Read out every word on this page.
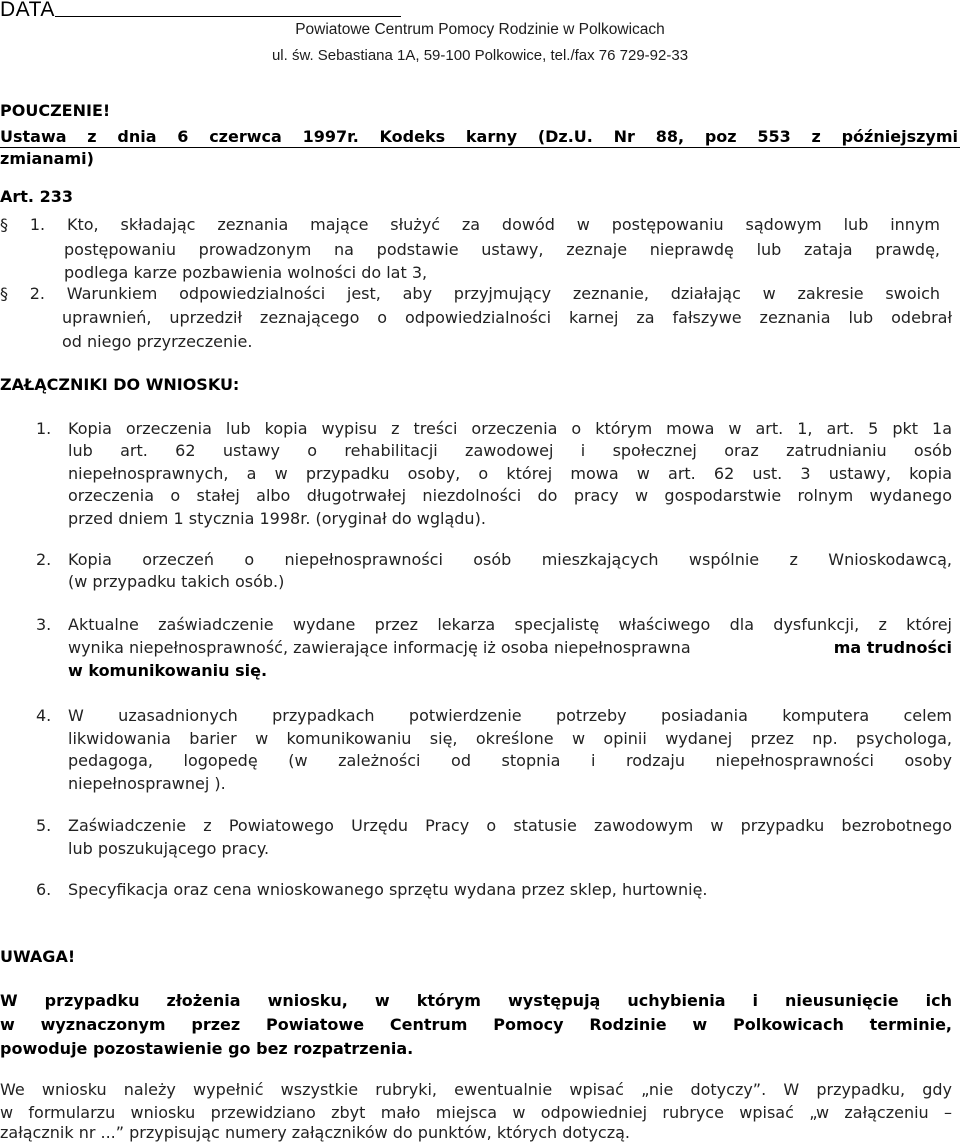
DATA
Powiatowe Centrum Pomocy Rodzinie w Polkowicach
ul. św. Sebastiana 1A, 59-100 Polkowice, tel./fax 76 729-92-33
POUCZENIE!
Ustawa z dnia 6 czerwca 1997r. Kodeks karny (Dz.U. Nr 88, poz 553 z późniejszymi
zmianami)
Art. 233
§ 1. Kto, składając zeznania mające służyć za dowód w postępowaniu sądowym lub innym
postępowaniu prowadzonym na podstawie ustawy, zeznaje nieprawdę lub zataja prawdę,
podlega karze pozbawienia wolności do lat 3,
§ 2. Warunkiem odpowiedzialności jest, aby przyjmujący zeznanie, działając w zakresie swoich
uprawnień, uprzedził zeznającego o odpowiedzialności karnej za fałszywe zeznania lub odebrał
od niego przyrzeczenie.
ZAŁĄCZNIKI DO WNIOSKU:
1. Kopia orzeczenia lub kopia wypisu z treści orzeczenia o którym mowa w art. 1, art. 5 pkt 1a
lub art. 62 ustawy o rehabilitacji zawodowej i społecznej oraz zatrudnianiu osób
niepełnosprawnych, a w przypadku osoby, o której mowa w art. 62 ust. 3 ustawy, kopia
orzeczenia o stałej albo długotrwałej niezdolności do pracy w gospodarstwie rolnym wydanego
przed dniem 1 stycznia 1998r. (oryginał do wglądu).
2. Kopia orzeczeń o niepełnosprawności osób mieszkających wspólnie z Wnioskodawcą,
(w przypadku takich osób.)
3. Aktualne zaświadczenie wydane przez lekarza specjalistę właściwego dla dysfunkcji, z której
wynika niepełnosprawność, zawierające informację iż osoba niepełnosprawna	ma trudności
w komunikowaniu się.
4. W uzasadnionych przypadkach potwierdzenie potrzeby posiadania komputera celem
likwidowania barier w komunikowaniu się, określone w opinii wydanej przez np. psychologa,
pedagoga, logopedę (w zależności od stopnia i rodzaju niepełnosprawności osoby
niepełnosprawnej ).
5. Zaświadczenie z Powiatowego Urzędu Pracy o statusie zawodowym w przypadku bezrobotnego
lub poszukującego pracy.
6. Specyfikacja oraz cena wnioskowanego sprzętu wydana przez sklep, hurtownię.
UWAGA!
W przypadku złożenia wniosku, w którym występują uchybienia i nieusunięcie ich
w wyznaczonym przez Powiatowe Centrum Pomocy Rodzinie w Polkowicach terminie,
powoduje pozostawienie go bez rozpatrzenia.
We wniosku należy wypełnić wszystkie rubryki, ewentualnie wpisać „nie dotyczy”. W przypadku, gdy
w formularzu wniosku przewidziano zbyt mało miejsca w odpowiedniej rubryce wpisać „w załączeniu –
załącznik nr ...” przypisując numery załączników do punktów, których dotyczą.
